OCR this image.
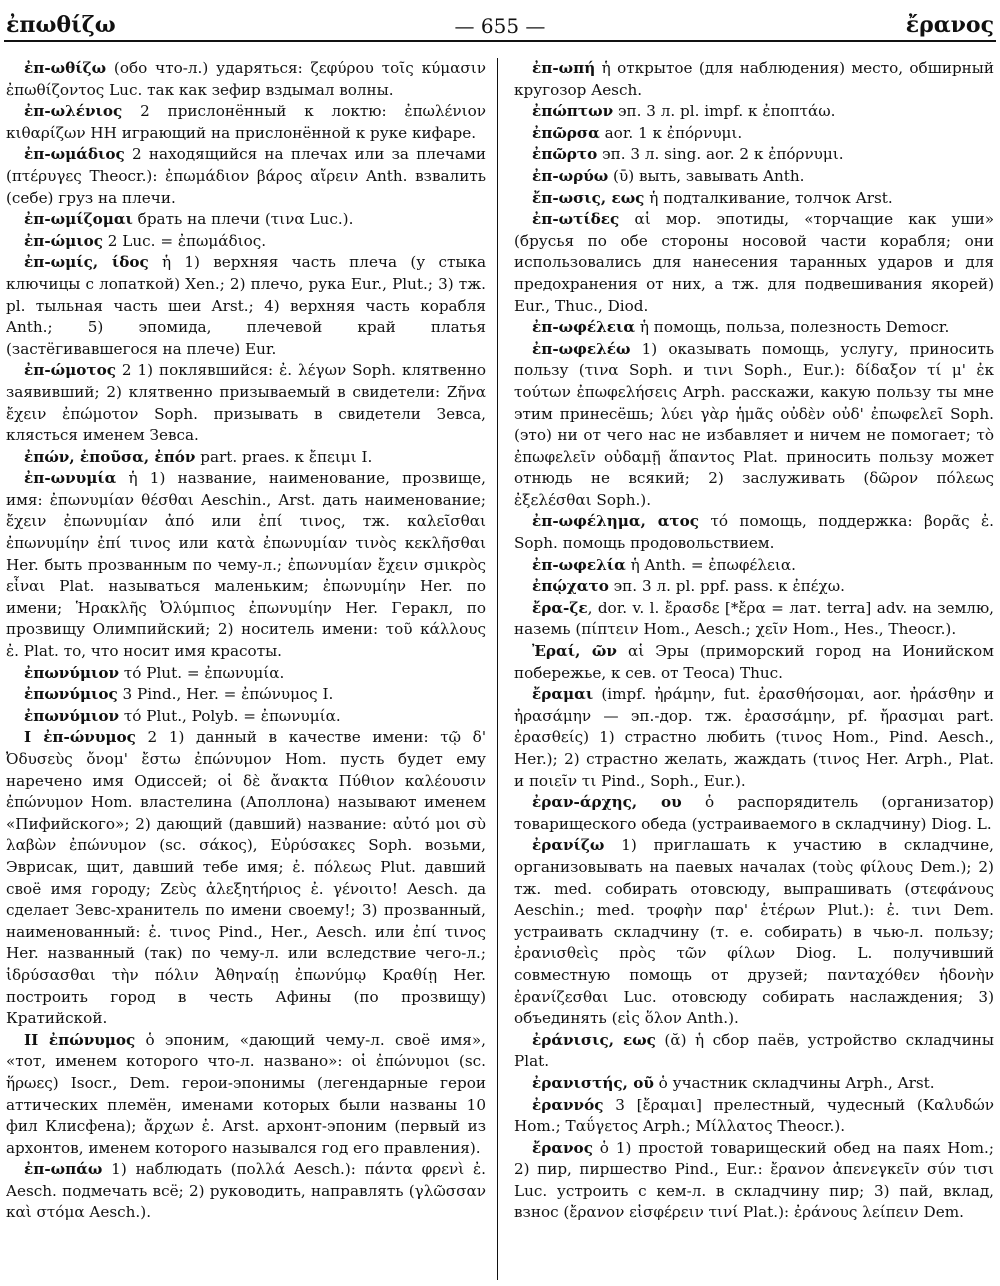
ἐπωθίζω	— 655 —	ἔρανος

ἐπ-ωθίζω (обо что-л.) ударяться: ζεφύρου τοῖς κύμασιν ἐπωθίζοντος Luc. так как зефир вздымал волны.

ἐπ-ωλένιος 2 прислонённый к локтю: ἐπωλένιον κιθαρίζων НН играющий на прислонённой к руке кифаре.

ἐπ-ωμάδιος 2 находящийся на плечах или за плечами (πτέρυγες Theocr.): ἐπωμάδιον βάρος αἴρειν Anth. взвалить (себе) груз на плечи.

ἐπ-ωμίζομαι брать на плечи (τινα Luc.).

ἐπ-ώμιος 2 Luc. = ἐπωμάδιος.

ἐπ-ωμίς, ίδος ἡ 1) верхняя часть плеча (у стыка ключицы с лопаткой) Xen.; 2) плечо, рука Eur., Plut.; 3) тж. pl. тыльная часть шеи Arst.; 4) верхняя часть корабля Anth.; 5) эпомида, плечевой край платья (застёгивавшегося на плече) Eur.

ἐπ-ώμοτος 2 1) поклявшийся: ἐ. λέγων Soph. клятвенно заявивший; 2) клятвенно призываемый в свидетели: Ζῆνα ἔχειν ἐπώμοτον Soph. призывать в свидетели Зевса, клясться именем Зевса.

ἐπών, ἐποῦσα, ἐπόν part. praes. к ἔπειμι I.

ἐπ-ωνυμία ἡ 1) название, наименование, прозвище, имя: ἐπωνυμίαν θέσθαι Aeschin., Arst. дать наименование; ἔχειν ἐπωνυμίαν ἀπό или ἐπί τινος, тж. καλεῖσθαι ἐπωνυμίην ἐπί τινος или κατὰ ἐπωνυμίαν τινὸς κεκλῆσθαι Her. быть прозванным по чему-л.; ἐπωνυμίαν ἔχειν σμικρὸς εἶναι Plat. называться маленьким; ἐπωνυμίην Her. по имени; Ἡρακλῆς Ὀλύμπιος ἐπωνυμίην Her. Геракл, по прозвищу Олимпийский; 2) носитель имени: τοῦ κάλλους ἐ. Plat. то, что носит имя красоты.

ἐπωνύμιον τό Plut. = ἐπωνυμία.

ἐπωνύμιος 3 Pind., Her. = ἐπώνυμος I.

ἐπωνύμιον τό Plut., Polyb. = ἐπωνυμία.

I ἐπ-ώνυμος 2 1) данный в качестве имени: τῷ δ' Ὀδυσεὺς ὄνομ' ἔστω ἐπώνυμον Hom. пусть будет ему наречено имя Одиссей; οἱ δὲ ἄνακτα Πύθιον καλέουσιν ἐπώνυμον Hom. властелина (Аполлона) называют именем «Пифийского»; 2) дающий (давший) название: αὐτό μοι σὺ λαβὼν ἐπώνυμον (sc. σάκος), Εὐρύσακες Soph. возьми, Эврисак, щит, давший тебе имя; ἐ. πόλεως Plut. давший своё имя городу; Ζεὺς ἀλεξητήριος ἐ. γένοιτο! Aesch. да сделает Зевс-хранитель по имени своему!; 3) прозванный, наименованный: ἐ. τινος Pind., Her., Aesch. или ἐπί τινος Her. названный (так) по чему-л. или вследствие чего-л.; ἱδρύσασθαι τὴν πόλιν Ἀθηναίῃ ἐπωνύμῳ Κραθίῃ Her. построить город в честь Афины (по прозвищу) Кратийской.

II ἐπώνυμος ὁ эпоним, «дающий чему-л. своё имя», «тот, именем которого что-л. названо»: οἱ ἐπώνυμοι (sc. ἥρωες) Isocr., Dem. герои-эпонимы (легендарные герои аттических племён, именами которых были названы 10 фил Клисфена); ἄρχων ἐ. Arst. архонт-эпоним (первый из архонтов, именем которого назывался год его правления).

ἐπ-ωπάω 1) наблюдать (πολλά Aesch.): πάντα φρενὶ ἐ. Aesch. подмечать всё; 2) руководить, направлять (γλῶσσαν καὶ στόμα Aesch.).

ἐπ-ωπή ἡ открытое (для наблюдения) место, обширный кругозор Aesch.

ἐπώπτων эп. 3 л. pl. impf. к ἐποπτάω.

ἐπῶρσα aor. 1 к ἐπόρνυμι.

ἐπῶρτο эп. 3 л. sing. aor. 2 к ἐπόρνυμι.

ἐπ-ωρύω (ῡ) выть, завывать Anth.

ἔπ-ωσις, εως ἡ подталкивание, толчок Arst.

ἐπ-ωτίδες αἱ мор. эпотиды, «торчащие как уши» (брусья по обе стороны носовой части корабля; они использовались для нанесения таранных ударов и для предохранения от них, а тж. для подвешивания якорей) Eur., Thuc., Diod.

ἐπ-ωφέλεια ἡ помощь, польза, полезность Democr.

ἐπ-ωφελέω 1) оказывать помощь, услугу, приносить пользу (τινα Soph. и τινι Soph., Eur.): δίδαξον τί μ' ἐκ τούτων ἐπωφελήσεις Arph. расскажи, какую пользу ты мне этим принесёшь; λύει γὰρ ἡμᾶς οὐδὲν οὐδ' ἐπωφελεῖ Soph. (это) ни от чего нас не избавляет и ничем не помогает; τὸ ἐπωφελεῖν οὐδαμῇ ἅπαντος Plat. приносить пользу может отнюдь не всякий; 2) заслуживать (δῶρον πόλεως ἐξελέσθαι Soph.).

ἐπ-ωφέλημα, ατος τό помощь, поддержка: βορᾶς ἐ. Soph. помощь продовольствием.

ἐπ-ωφελία ἡ Anth. = ἐπωφέλεια.

ἐπῴχατο эп. 3 л. pl. ppf. pass. к ἐπέχω.

ἔρα-ζε, dor. v. l. ἔρασδε [*ἔρα = лат. terra] adv. на землю, наземь (πίπτειν Hom., Aesch.; χεῖν Hom., Hes., Theocr.).

Ἐραί, ῶν αἱ Эры (приморский город на Ионийском побережье, к сев. от Теоса) Thuc.

ἔραμαι (impf. ἠράμην, fut. ἐρασθήσομαι, aor. ἠράσθην и ἠρασάμην — эп.-дор. тж. ἐρασσάμην, pf. ἤρασμαι part. ἐρασθείς) 1) страстно любить (τινος Hom., Pind. Aesch., Her.); 2) страстно желать, жаждать (τινος Her. Arph., Plat. и ποιεῖν τι Pind., Soph., Eur.).

ἐραν-άρχης, ου ὁ распорядитель (организатор) товарищеского обеда (устраиваемого в складчину) Diog. L.

ἐρανίζω 1) приглашать к участию в складчине, организовывать на паевых началах (τοὺς φίλους Dem.); 2) тж. med. собирать отовсюду, выпрашивать (στεφάνους Aeschin.; med. τροφὴν παρ' ἑτέρων Plut.): ἐ. τινι Dem. устраивать складчину (т. е. собирать) в чью-л. пользу; ἐρανισθεὶς πρὸς τῶν φίλων Diog. L. получивший совместную помощь от друзей; πανταχόθεν ἡδονὴν ἐρανίζεσθαι Luc. отовсюду собирать наслаждения; 3) объединять (εἰς ὅλον Anth.).

ἐράνισις, εως (ᾰ) ἡ сбор паёв, устройство складчины Plat.

ἐρανιστής, οῦ ὁ участник складчины Arph., Arst.

ἐραννός 3 [ἔραμαι] прелестный, чудесный (Καλυδών Hom.; Ταΰγετος Arph.; Μίλλατος Theocr.).

ἔρανος ὁ 1) простой товарищеский обед на паях Hom.; 2) пир, пиршество Pind., Eur.: ἔρανον ἀπενεγκεῖν σύν τισι Luc. устроить с кем-л. в складчину пир; 3) пай, вклад, взнос (ἔρανον εἰσφέρειν τινί Plat.): ἐράνους λείπειν Dem.
